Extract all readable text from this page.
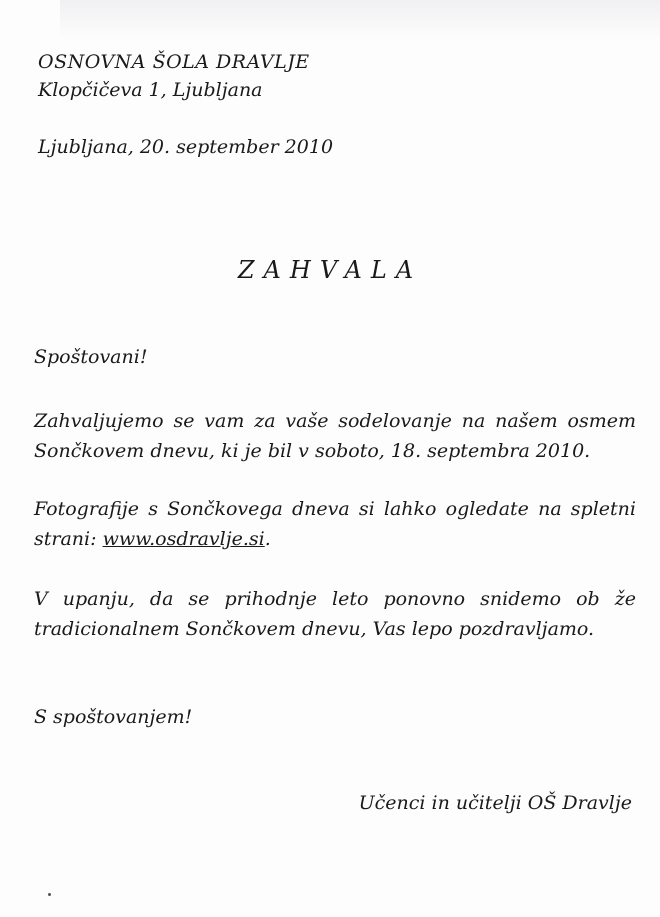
OSNOVNA ŠOLA DRAVLJE
Klopčičeva 1, Ljubljana
Ljubljana, 20. september 2010
ZAHVALA
Spoštovani!
Zahvaljujemo se vam za vaše sodelovanje na našem osmem
Sončkovem dnevu, ki je bil v soboto, 18. septembra 2010.
Fotografije s Sončkovega dneva si lahko ogledate na spletni
strani: www.osdravlje.si.
V upanju, da se prihodnje leto ponovno snidemo ob že
tradicionalnem Sončkovem dnevu, Vas lepo pozdravljamo.
S spoštovanjem!
Učenci in učitelji OŠ Dravlje
